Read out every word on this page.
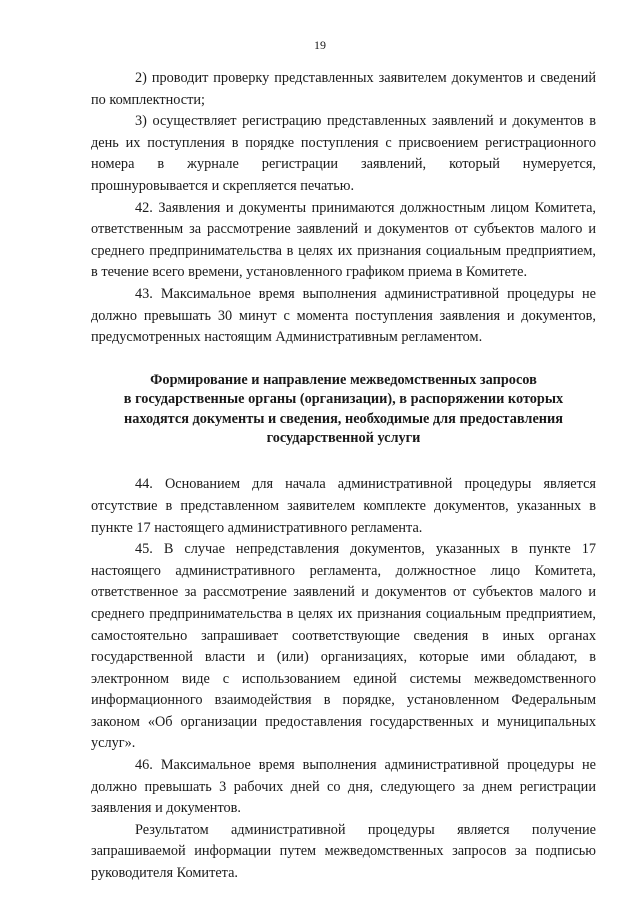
19

2) проводит проверку представленных заявителем документов и сведений по комплектности;

3) осуществляет регистрацию представленных заявлений и документов в день их поступления в порядке поступления с присвоением регистрационного номера в журнале регистрации заявлений, который нумеруется, прошнуровывается и скрепляется печатью.

42. Заявления и документы принимаются должностным лицом Комитета, ответственным за рассмотрение заявлений и документов от субъектов малого и среднего предпринимательства в целях их признания социальным предприятием, в течение всего времени, установленного графиком приема в Комитете.

43. Максимальное время выполнения административной процедуры не должно превышать 30 минут с момента поступления заявления и документов, предусмотренных настоящим Административным регламентом.

Формирование и направление межведомственных запросов
в государственные органы (организации), в распоряжении которых
находятся документы и сведения, необходимые для предоставления
государственной услуги

44. Основанием для начала административной процедуры является отсутствие в представленном заявителем комплекте документов, указанных в пункте 17 настоящего административного регламента.

45. В случае непредставления документов, указанных в пункте 17 настоящего административного регламента, должностное лицо Комитета, ответственное за рассмотрение заявлений и документов от субъектов малого и среднего предпринимательства в целях их признания социальным предприятием, самостоятельно запрашивает соответствующие сведения в иных органах государственной власти и (или) организациях, которые ими обладают, в электронном виде с использованием единой системы межведомственного информационного взаимодействия в порядке, установленном Федеральным законом «Об организации предоставления государственных и муниципальных услуг».

46. Максимальное время выполнения административной процедуры не должно превышать 3 рабочих дней со дня, следующего за днем регистрации заявления и документов.

Результатом административной процедуры является получение запрашиваемой информации путем межведомственных запросов за подписью руководителя Комитета.
